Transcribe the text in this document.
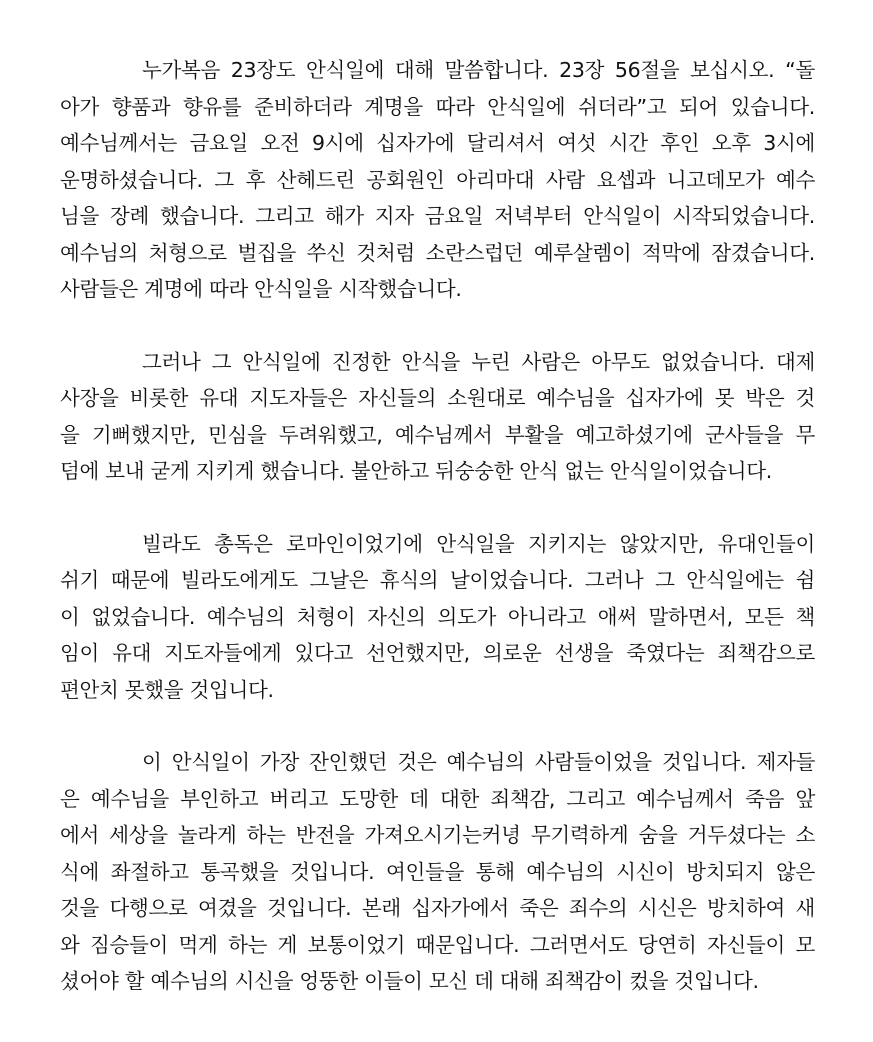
누가복음 23장도 안식일에 대해 말씀합니다. 23장 56절을 보십시오. “돌
아가 향품과 향유를 준비하더라 계명을 따라 안식일에 쉬더라”고 되어 있습니다.
예수님께서는 금요일 오전 9시에 십자가에 달리셔서 여섯 시간 후인 오후 3시에
운명하셨습니다. 그 후 산헤드린 공회원인 아리마대 사람 요셉과 니고데모가 예수
님을 장례 했습니다. 그리고 해가 지자 금요일 저녁부터 안식일이 시작되었습니다.
예수님의 처형으로 벌집을 쑤신 것처럼 소란스럽던 예루살렘이 적막에 잠겼습니다.
사람들은 계명에 따라 안식일을 시작했습니다.

그러나 그 안식일에 진정한 안식을 누린 사람은 아무도 없었습니다. 대제
사장을 비롯한 유대 지도자들은 자신들의 소원대로 예수님을 십자가에 못 박은 것
을 기뻐했지만, 민심을 두려워했고, 예수님께서 부활을 예고하셨기에 군사들을 무
덤에 보내 굳게 지키게 했습니다. 불안하고 뒤숭숭한 안식 없는 안식일이었습니다.

빌라도 총독은 로마인이었기에 안식일을 지키지는 않았지만, 유대인들이
쉬기 때문에 빌라도에게도 그날은 휴식의 날이었습니다. 그러나 그 안식일에는 쉼
이 없었습니다. 예수님의 처형이 자신의 의도가 아니라고 애써 말하면서, 모든 책
임이 유대 지도자들에게 있다고 선언했지만, 의로운 선생을 죽였다는 죄책감으로
편안치 못했을 것입니다.

이 안식일이 가장 잔인했던 것은 예수님의 사람들이었을 것입니다. 제자들
은 예수님을 부인하고 버리고 도망한 데 대한 죄책감, 그리고 예수님께서 죽음 앞
에서 세상을 놀라게 하는 반전을 가져오시기는커녕 무기력하게 숨을 거두셨다는 소
식에 좌절하고 통곡했을 것입니다. 여인들을 통해 예수님의 시신이 방치되지 않은
것을 다행으로 여겼을 것입니다. 본래 십자가에서 죽은 죄수의 시신은 방치하여 새
와 짐승들이 먹게 하는 게 보통이었기 때문입니다. 그러면서도 당연히 자신들이 모
셨어야 할 예수님의 시신을 엉뚱한 이들이 모신 데 대해 죄책감이 컸을 것입니다.
